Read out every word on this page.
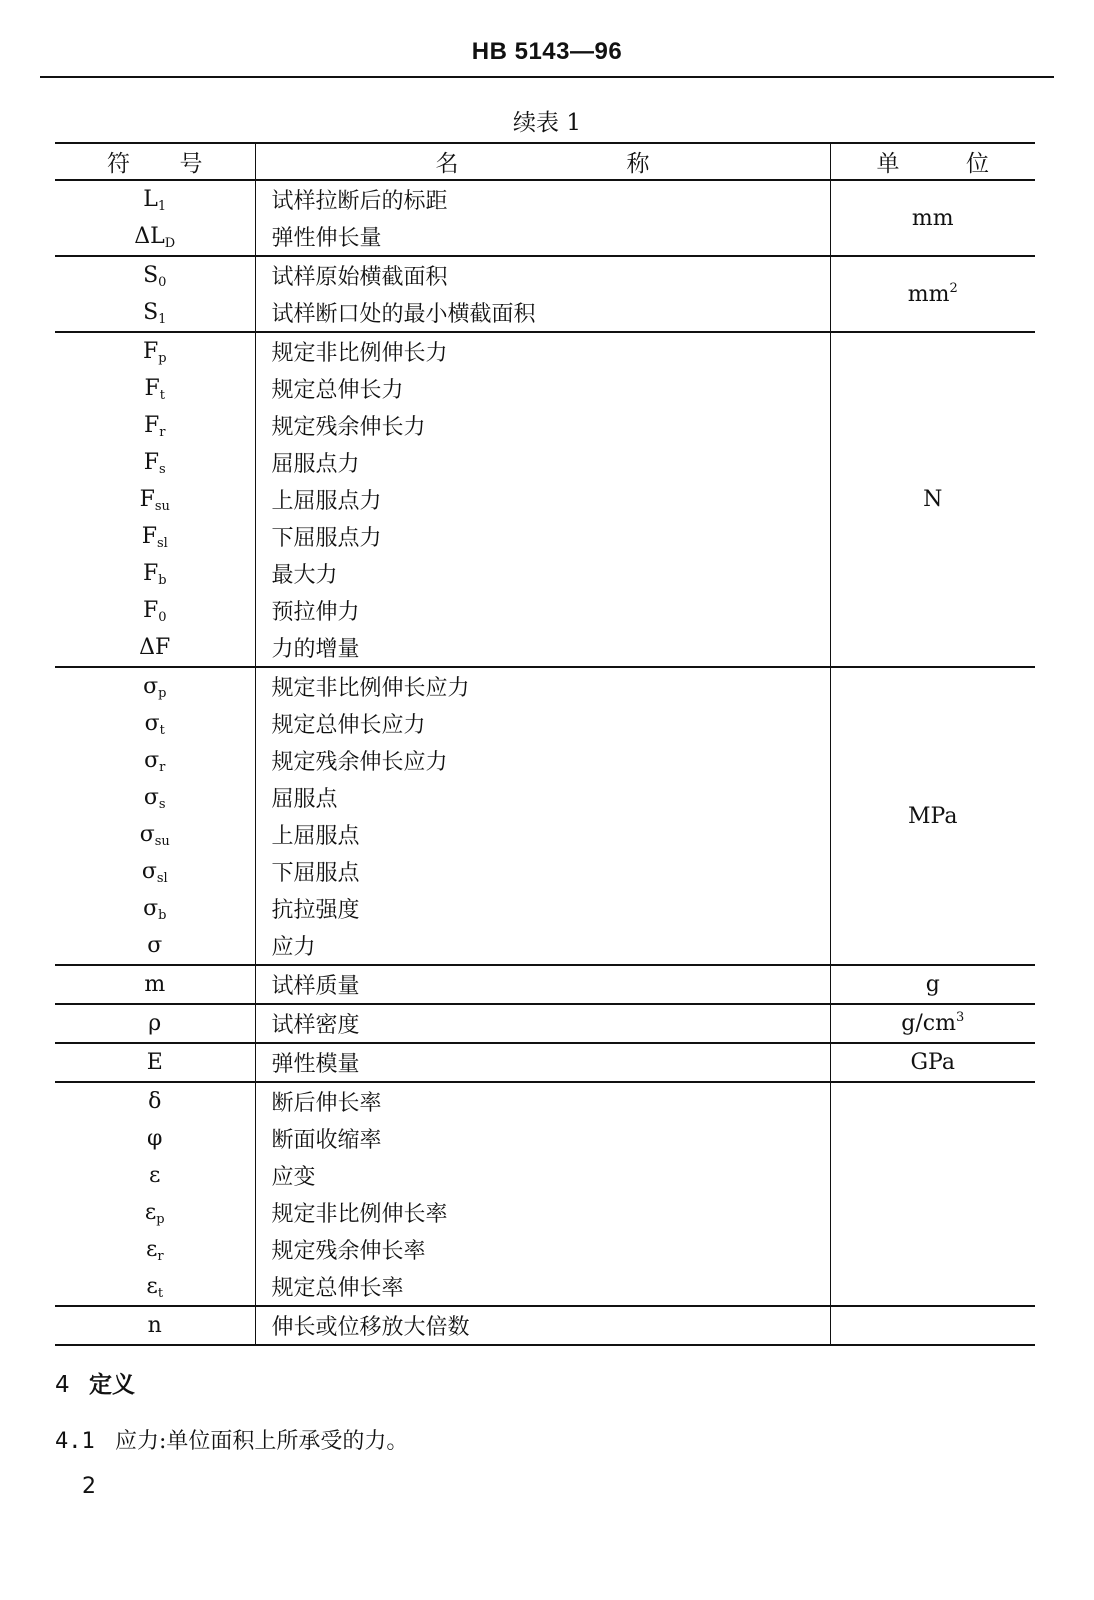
HB 5143—96
续表 1
符 号	名 称	单 位

$L_1$	试样拉断后的标距	mm
$\Delta L_D$	弹性伸长量	
$S_0$	试样原始横截面积	$mm^2$
$S_1$	试样断口处的最小横截面积	
$F_p$	规定非比例伸长力	N
$F_t$	规定总伸长力	
$F_r$	规定残余伸长力	
$F_s$	屈服点力	
$F_{su}$	上屈服点力	
$F_{sl}$	下屈服点力	
$F_b$	最大力	
$F_0$	预拉伸力	
ΔF	力的增量	
$\sigma_p$	规定非比例伸长应力	MPa
$\sigma_t$	规定总伸长应力	
$\sigma_r$	规定残余伸长应力	
$\sigma_s$	屈服点	
$\sigma_{su}$	上屈服点	
$\sigma_{sl}$	下屈服点	
$\sigma_b$	抗拉强度	
σ	应力	
m	试样质量	g
ρ	试样密度	$g/cm^3$
E	弹性模量	GPa
δ	断后伸长率	
φ	断面收缩率	
ε	应变	
$\varepsilon_p$	规定非比例伸长率	
$\varepsilon_r$	规定残余伸长率	
$\varepsilon_t$	规定总伸长率	
n	伸长或位移放大倍数	
4 定义
4.1 应力:单位面积上所承受的力。
2
